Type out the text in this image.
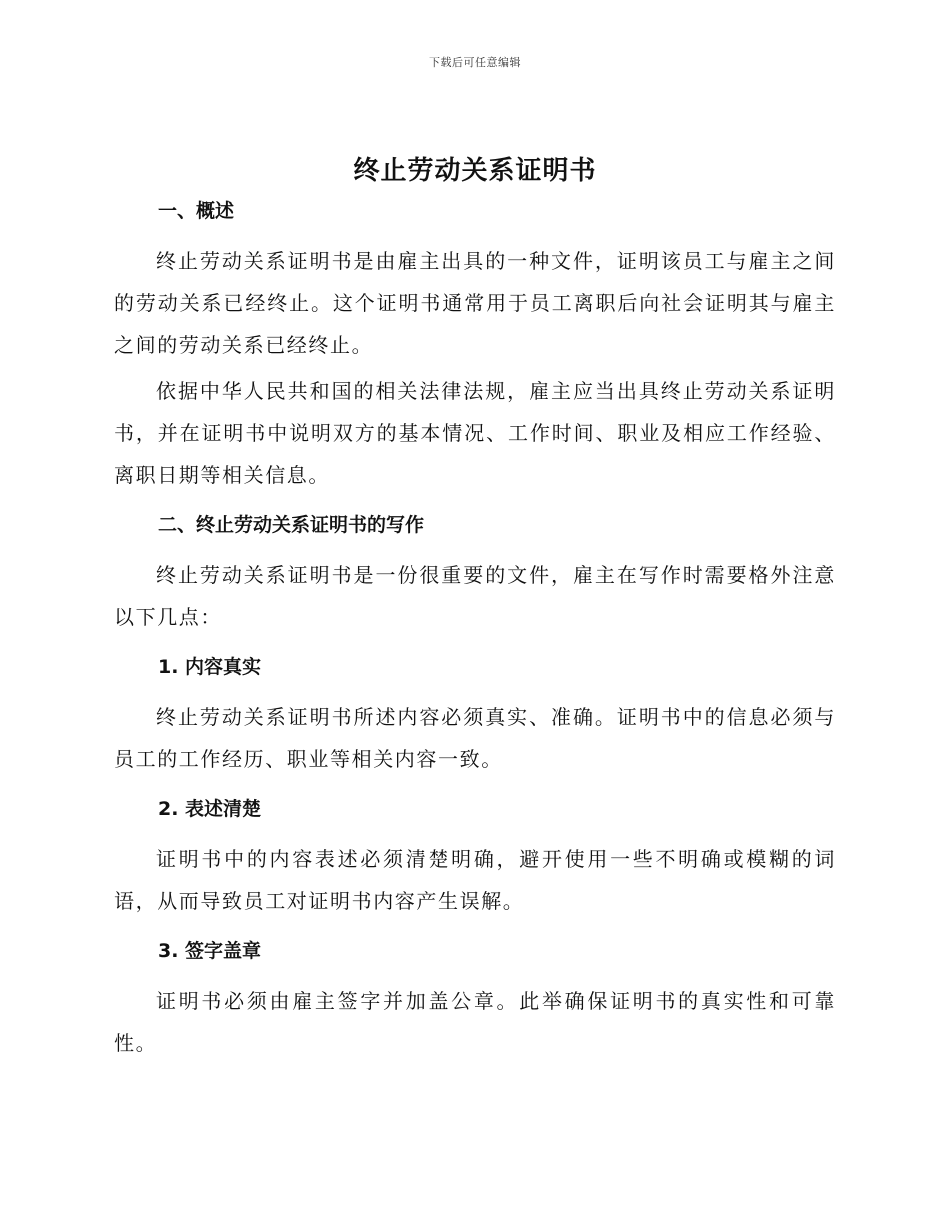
下载后可任意编辑
终止劳动关系证明书

一、概述

终止劳动关系证明书是由雇主出具的一种文件，证明该员工与雇主之间的劳动关系已经终止。这个证明书通常用于员工离职后向社会证明其与雇主之间的劳动关系已经终止。

依据中华人民共和国的相关法律法规，雇主应当出具终止劳动关系证明书，并在证明书中说明双方的基本情况、工作时间、职业及相应工作经验、离职日期等相关信息。

二、终止劳动关系证明书的写作

终止劳动关系证明书是一份很重要的文件，雇主在写作时需要格外注意以下几点：

1. 内容真实

终止劳动关系证明书所述内容必须真实、准确。证明书中的信息必须与员工的工作经历、职业等相关内容一致。

2. 表述清楚

证明书中的内容表述必须清楚明确，避开使用一些不明确或模糊的词语，从而导致员工对证明书内容产生误解。

3. 签字盖章

证明书必须由雇主签字并加盖公章。此举确保证明书的真实性和可靠性。
